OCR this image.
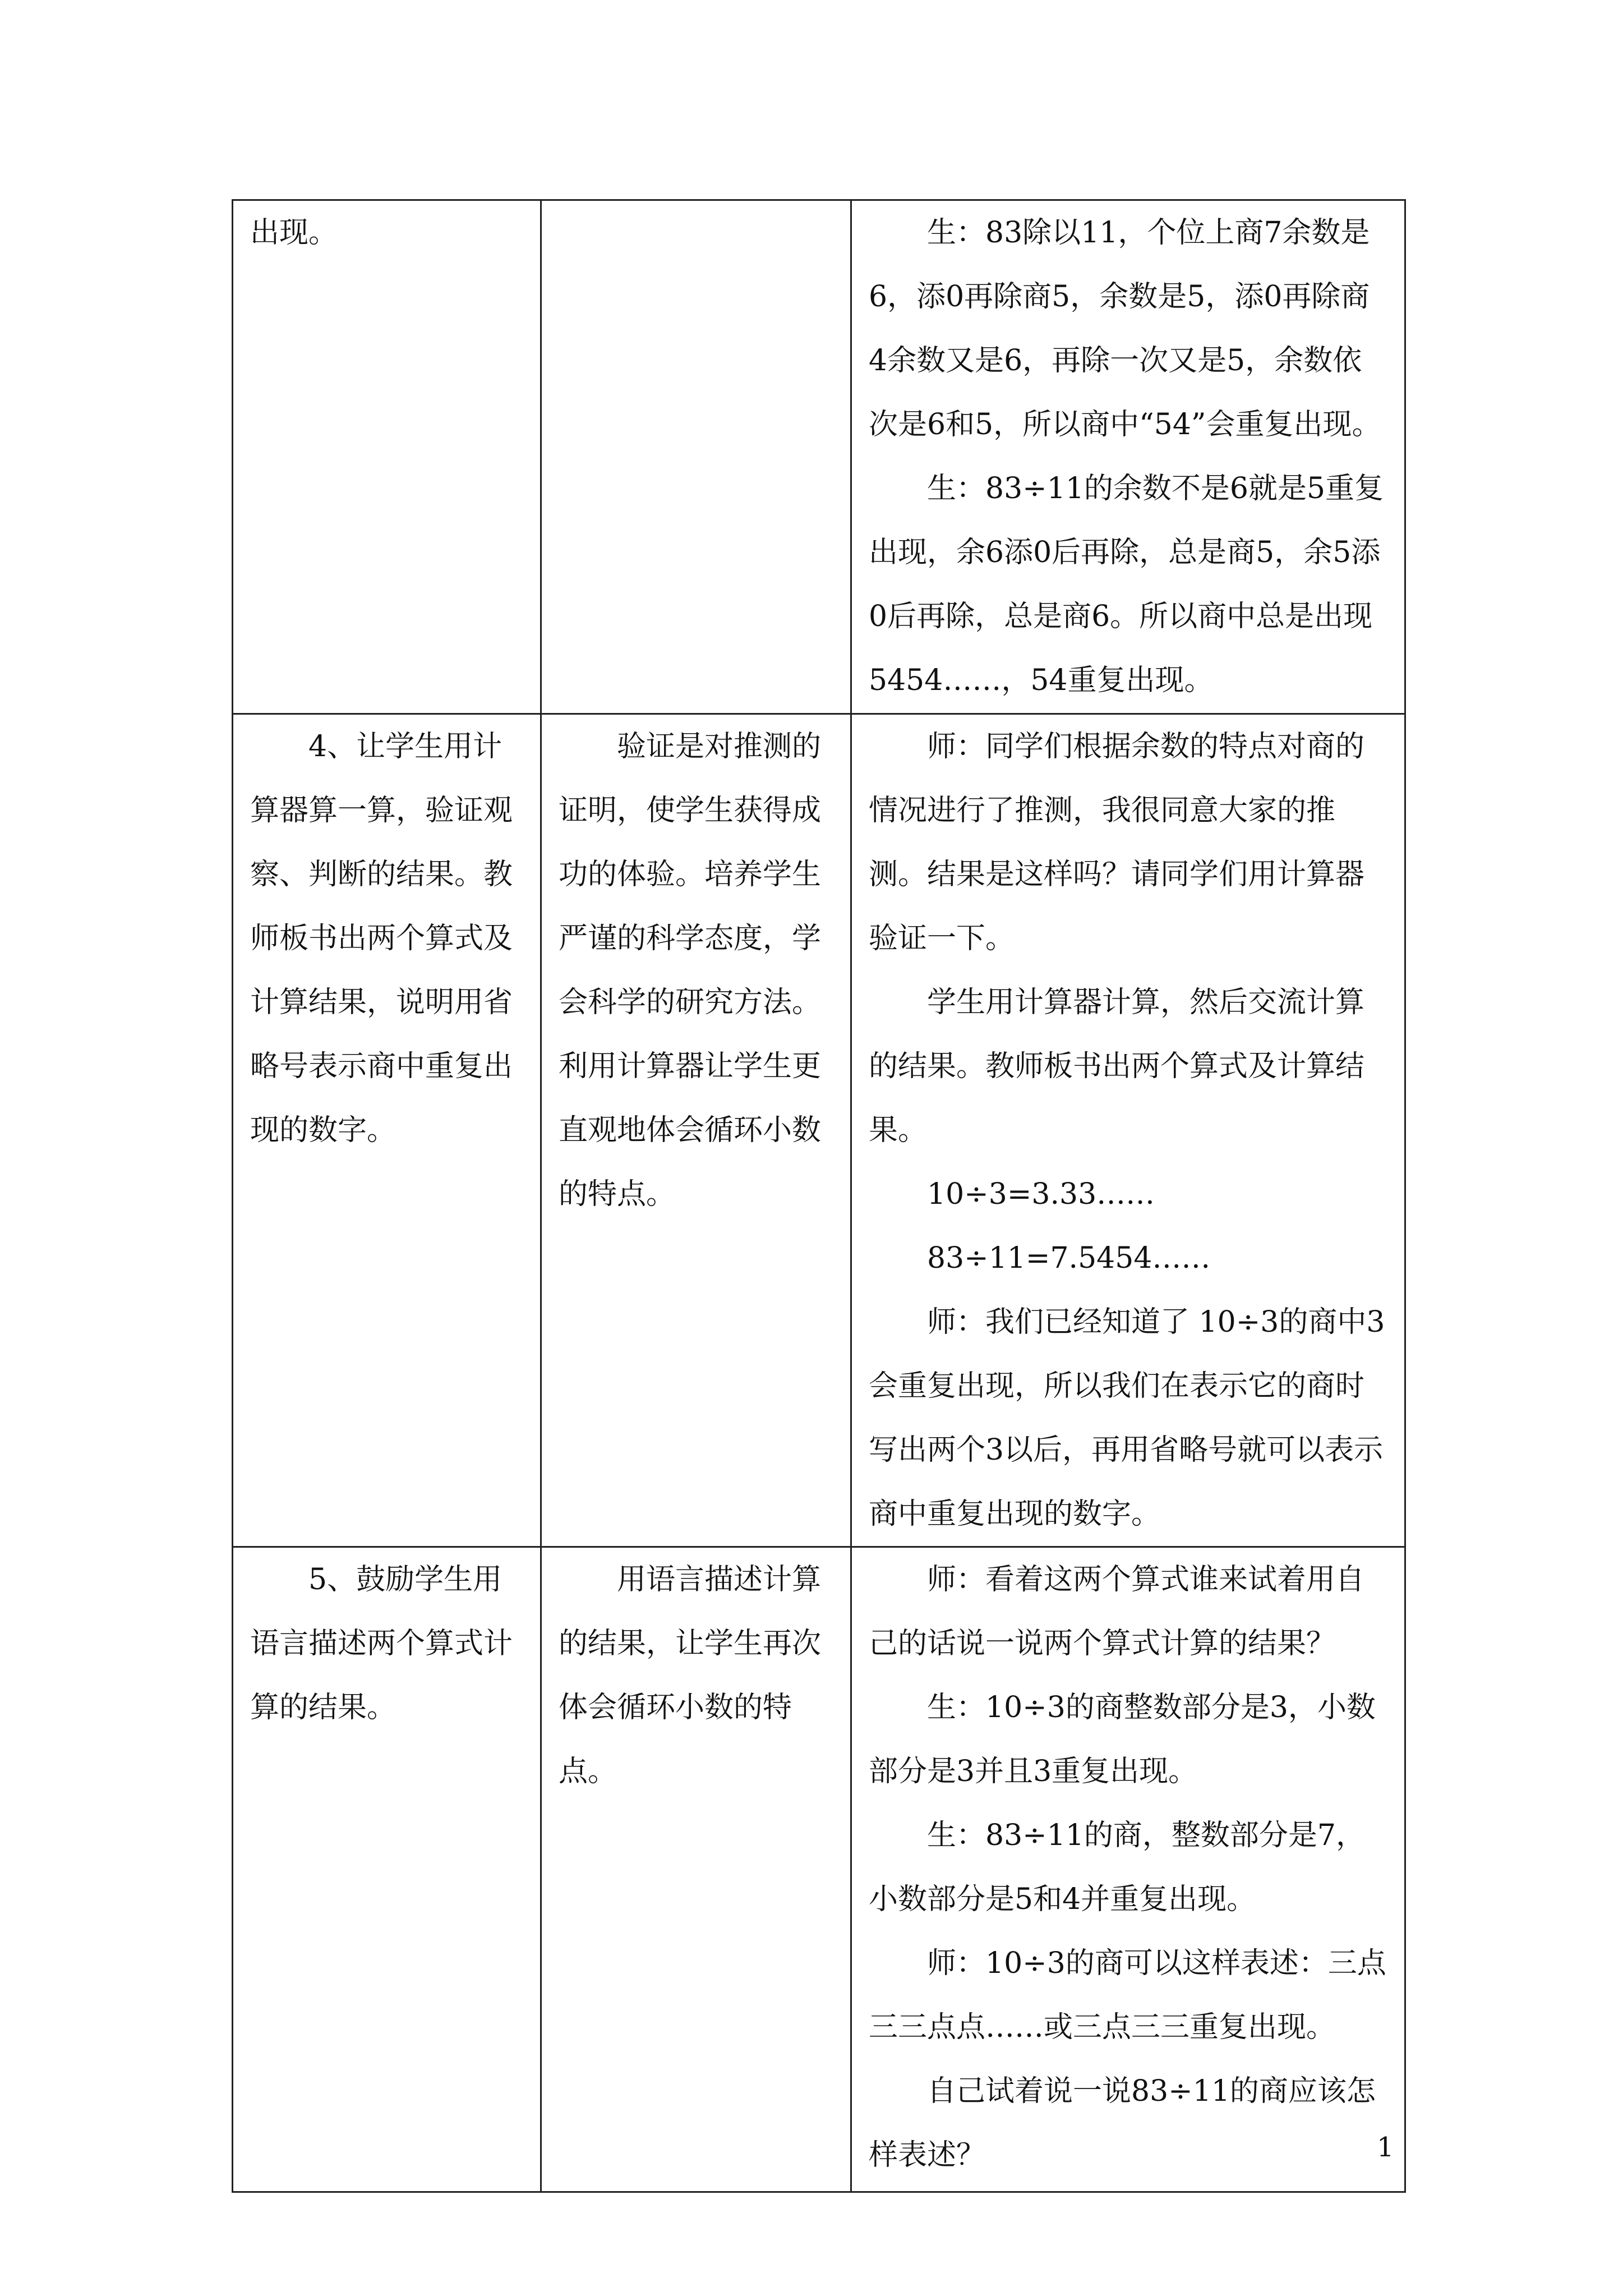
出现。		生：83除以11，个位上商7余数是6，添0再除商5，余数是5，添0再除商4余数又是6，再除一次又是5，余数依次是6和5，所以商中“54”会重复出现。

生：83÷11的余数不是6就是5重复出现，余6添0后再除，总是商5，余5添0后再除，总是商6。所以商中总是出现5454……，54重复出现。

4、让学生用计算器算一算，验证观察、判断的结果。教师板书出两个算式及计算结果，说明用省略号表示商中重复出现的数字。	验证是对推测的证明，使学生获得成功的体验。培养学生严谨的科学态度，学会科学的研究方法。利用计算器让学生更直观地体会循环小数的特点。	师：同学们根据余数的特点对商的情况进行了推测，我很同意大家的推测。结果是这样吗？请同学们用计算器验证一下。

学生用计算器计算，然后交流计算的结果。教师板书出两个算式及计算结果。

10÷3=3.33……

83÷11=7.5454……

师：我们已经知道了 10÷3的商中3会重复出现，所以我们在表示它的商时写出两个3以后，再用省略号就可以表示商中重复出现的数字。

5、鼓励学生用语言描述两个算式计算的结果。	用语言描述计算的结果，让学生再次体会循环小数的特点。	师：看着这两个算式谁来试着用自己的话说一说两个算式计算的结果？

生：10÷3的商整数部分是3，小数部分是3并且3重复出现。

生：83÷11的商，整数部分是7，小数部分是5和4并重复出现。

师：10÷3的商可以这样表述：三点三三点点……或三点三三重复出现。

自己试着说一说83÷11的商应该怎样表述？	1
